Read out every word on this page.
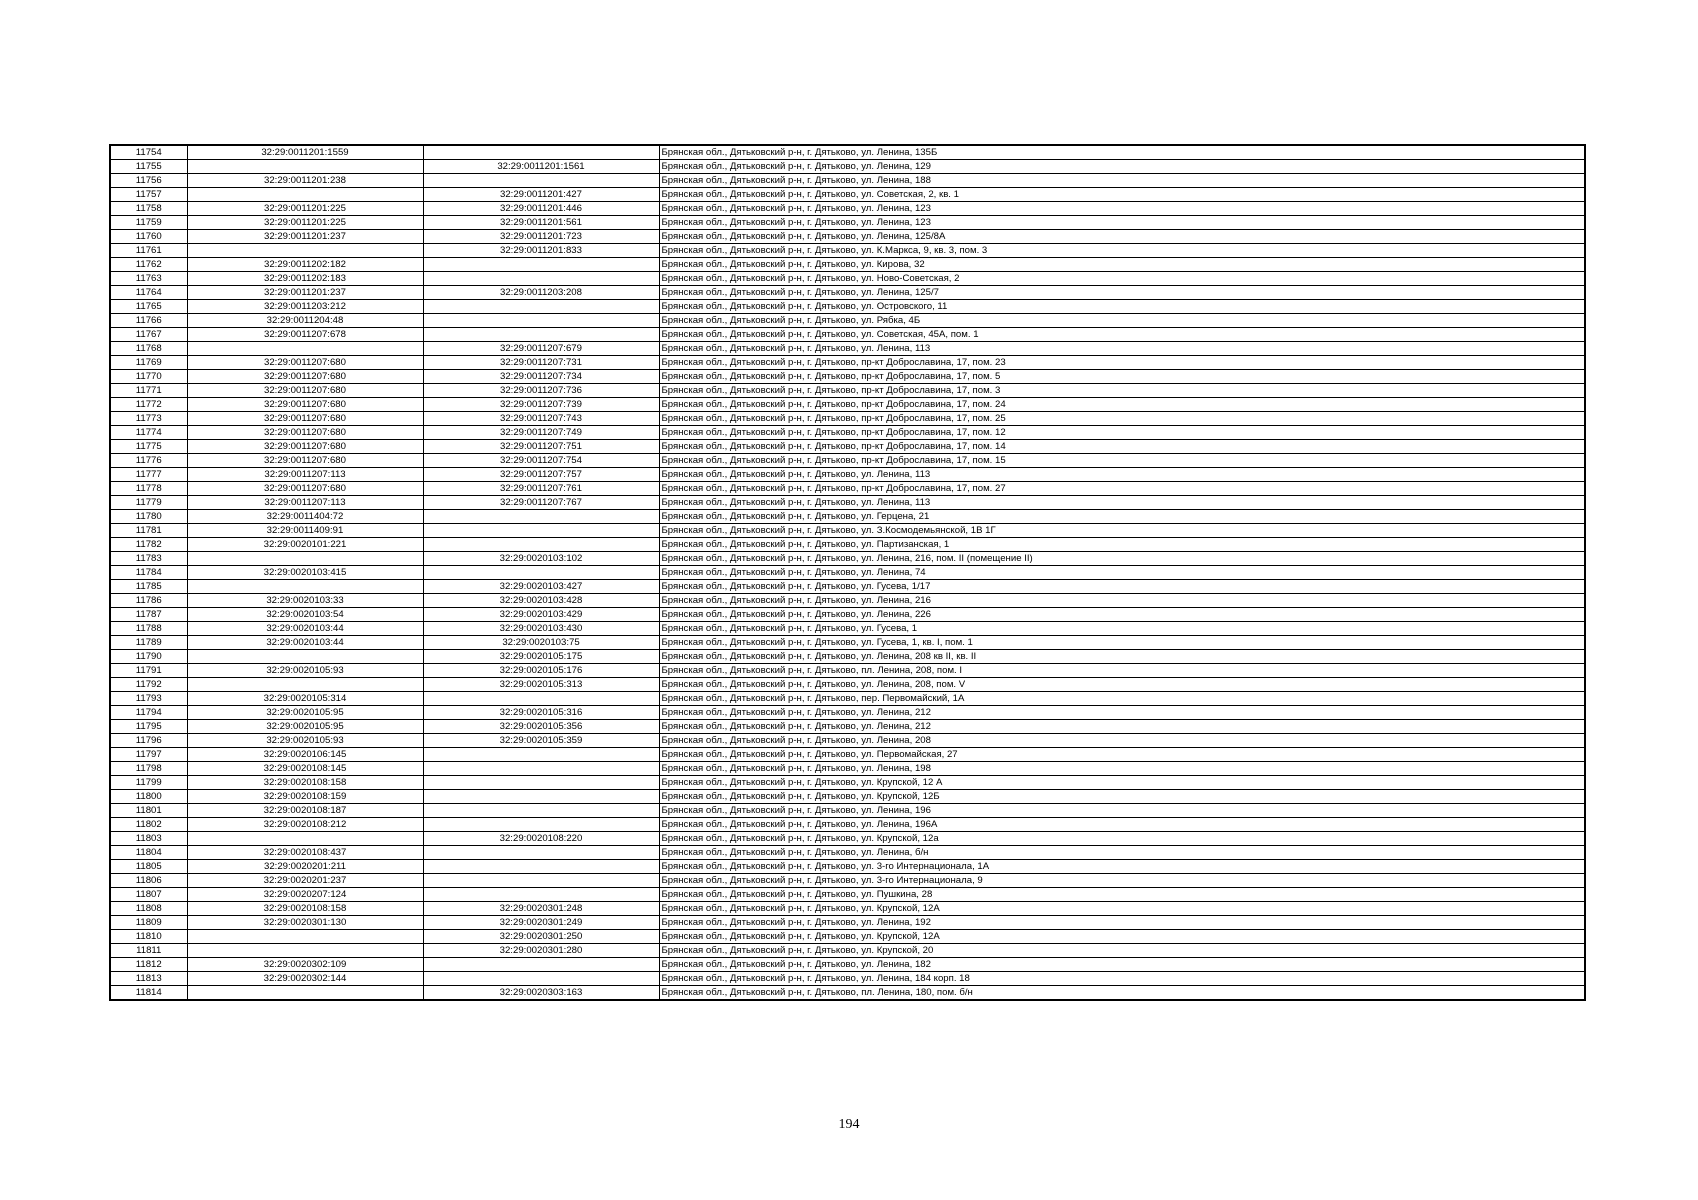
11754	32:29:0011201:1559		Брянская обл., Дятьковский р-н, г. Дятьково, ул. Ленина, 135Б
11755		32:29:0011201:1561	Брянская обл., Дятьковский р-н, г. Дятьково, ул. Ленина, 129
11756	32:29:0011201:238		Брянская обл., Дятьковский р-н, г. Дятьково, ул. Ленина, 188
11757		32:29:0011201:427	Брянская обл., Дятьковский р-н, г. Дятьково, ул. Советская, 2, кв. 1
11758	32:29:0011201:225	32:29:0011201:446	Брянская обл., Дятьковский р-н, г. Дятьково, ул. Ленина, 123
11759	32:29:0011201:225	32:29:0011201:561	Брянская обл., Дятьковский р-н, г. Дятьково, ул. Ленина, 123
11760	32:29:0011201:237	32:29:0011201:723	Брянская обл., Дятьковский р-н, г. Дятьково, ул. Ленина, 125/8А
11761		32:29:0011201:833	Брянская обл., Дятьковский р-н, г. Дятьково, ул. К.Маркса, 9, кв. 3, пом. 3
11762	32:29:0011202:182		Брянская обл., Дятьковский р-н, г. Дятьково, ул. Кирова, 32
11763	32:29:0011202:183		Брянская обл., Дятьковский р-н, г. Дятьково, ул. Ново-Советская, 2
11764	32:29:0011201:237	32:29:0011203:208	Брянская обл., Дятьковский р-н, г. Дятьково, ул. Ленина, 125/7
11765	32:29:0011203:212		Брянская обл., Дятьковский р-н, г. Дятьково, ул. Островского, 11
11766	32:29:0011204:48		Брянская обл., Дятьковский р-н, г. Дятьково, ул. Рябка, 4Б
11767	32:29:0011207:678		Брянская обл., Дятьковский р-н, г. Дятьково, ул. Советская, 45А, пом. 1
11768		32:29:0011207:679	Брянская обл., Дятьковский р-н, г. Дятьково, ул. Ленина, 113
11769	32:29:0011207:680	32:29:0011207:731	Брянская обл., Дятьковский р-н, г. Дятьково, пр-кт Доброславина, 17, пом. 23
11770	32:29:0011207:680	32:29:0011207:734	Брянская обл., Дятьковский р-н, г. Дятьково, пр-кт Доброславина, 17, пом. 5
11771	32:29:0011207:680	32:29:0011207:736	Брянская обл., Дятьковский р-н, г. Дятьково, пр-кт Доброславина, 17, пом. 3
11772	32:29:0011207:680	32:29:0011207:739	Брянская обл., Дятьковский р-н, г. Дятьково, пр-кт Доброславина, 17, пом. 24
11773	32:29:0011207:680	32:29:0011207:743	Брянская обл., Дятьковский р-н, г. Дятьково, пр-кт Доброславина, 17, пом. 25
11774	32:29:0011207:680	32:29:0011207:749	Брянская обл., Дятьковский р-н, г. Дятьково, пр-кт Доброславина, 17, пом. 12
11775	32:29:0011207:680	32:29:0011207:751	Брянская обл., Дятьковский р-н, г. Дятьково, пр-кт Доброславина, 17, пом. 14
11776	32:29:0011207:680	32:29:0011207:754	Брянская обл., Дятьковский р-н, г. Дятьково, пр-кт Доброславина, 17, пом. 15
11777	32:29:0011207:113	32:29:0011207:757	Брянская обл., Дятьковский р-н, г. Дятьково, ул. Ленина, 113
11778	32:29:0011207:680	32:29:0011207:761	Брянская обл., Дятьковский р-н, г. Дятьково, пр-кт Доброславина, 17, пом. 27
11779	32:29:0011207:113	32:29:0011207:767	Брянская обл., Дятьковский р-н, г. Дятьково, ул. Ленина, 113
11780	32:29:0011404:72		Брянская обл., Дятьковский р-н, г. Дятьково, ул. Герцена, 21
11781	32:29:0011409:91		Брянская обл., Дятьковский р-н, г. Дятьково, ул. З.Космодемьянской, 1В 1Г
11782	32:29:0020101:221		Брянская обл., Дятьковский р-н, г. Дятьково, ул. Партизанская, 1
11783		32:29:0020103:102	Брянская обл., Дятьковский р-н, г. Дятьково, ул. Ленина, 216, пом. II (помещение II)
11784	32:29:0020103:415		Брянская обл., Дятьковский р-н, г. Дятьково, ул. Ленина, 74
11785		32:29:0020103:427	Брянская обл., Дятьковский р-н, г. Дятьково, ул. Гусева, 1/17
11786	32:29:0020103:33	32:29:0020103:428	Брянская обл., Дятьковский р-н, г. Дятьково, ул. Ленина, 216
11787	32:29:0020103:54	32:29:0020103:429	Брянская обл., Дятьковский р-н, г. Дятьково, ул. Ленина, 226
11788	32:29:0020103:44	32:29:0020103:430	Брянская обл., Дятьковский р-н, г. Дятьково, ул. Гусева, 1
11789	32:29:0020103:44	32:29:0020103:75	Брянская обл., Дятьковский р-н, г. Дятьково, ул. Гусева, 1, кв. I, пом. 1
11790		32:29:0020105:175	Брянская обл., Дятьковский р-н, г. Дятьково, ул. Ленина, 208 кв II, кв. II
11791	32:29:0020105:93	32:29:0020105:176	Брянская обл., Дятьковский р-н, г. Дятьково, пл. Ленина, 208, пом. I
11792		32:29:0020105:313	Брянская обл., Дятьковский р-н, г. Дятьково, ул. Ленина, 208, пом. V
11793	32:29:0020105:314		Брянская обл., Дятьковский р-н, г. Дятьково, пер. Первомайский, 1А
11794	32:29:0020105:95	32:29:0020105:316	Брянская обл., Дятьковский р-н, г. Дятьково, ул. Ленина, 212
11795	32:29:0020105:95	32:29:0020105:356	Брянская обл., Дятьковский р-н, г. Дятьково, ул. Ленина, 212
11796	32:29:0020105:93	32:29:0020105:359	Брянская обл., Дятьковский р-н, г. Дятьково, ул. Ленина, 208
11797	32:29:0020106:145		Брянская обл., Дятьковский р-н, г. Дятьково, ул. Первомайская, 27
11798	32:29:0020108:145		Брянская обл., Дятьковский р-н, г. Дятьково, ул. Ленина, 198
11799	32:29:0020108:158		Брянская обл., Дятьковский р-н, г. Дятьково, ул. Крупской, 12 А
11800	32:29:0020108:159		Брянская обл., Дятьковский р-н, г. Дятьково, ул. Крупской, 12Б
11801	32:29:0020108:187		Брянская обл., Дятьковский р-н, г. Дятьково, ул. Ленина, 196
11802	32:29:0020108:212		Брянская обл., Дятьковский р-н, г. Дятьково, ул. Ленина, 196А
11803		32:29:0020108:220	Брянская обл., Дятьковский р-н, г. Дятьково, ул. Крупской, 12а
11804	32:29:0020108:437		Брянская обл., Дятьковский р-н, г. Дятьково, ул. Ленина, б/н
11805	32:29:0020201:211		Брянская обл., Дятьковский р-н, г. Дятьково, ул. 3-го Интернационала, 1А
11806	32:29:0020201:237		Брянская обл., Дятьковский р-н, г. Дятьково, ул. 3-го Интернационала, 9
11807	32:29:0020207:124		Брянская обл., Дятьковский р-н, г. Дятьково, ул. Пушкина, 28
11808	32:29:0020108:158	32:29:0020301:248	Брянская обл., Дятьковский р-н, г. Дятьково, ул. Крупской, 12А
11809	32:29:0020301:130	32:29:0020301:249	Брянская обл., Дятьковский р-н, г. Дятьково, ул. Ленина, 192
11810		32:29:0020301:250	Брянская обл., Дятьковский р-н, г. Дятьково, ул. Крупской, 12А
11811		32:29:0020301:280	Брянская обл., Дятьковский р-н, г. Дятьково, ул. Крупской, 20
11812	32:29:0020302:109		Брянская обл., Дятьковский р-н, г. Дятьково, ул. Ленина, 182
11813	32:29:0020302:144		Брянская обл., Дятьковский р-н, г. Дятьково, ул. Ленина, 184 корп. 18
11814		32:29:0020303:163	Брянская обл., Дятьковский р-н, г. Дятьково, пл. Ленина, 180, пом. б/н
194
